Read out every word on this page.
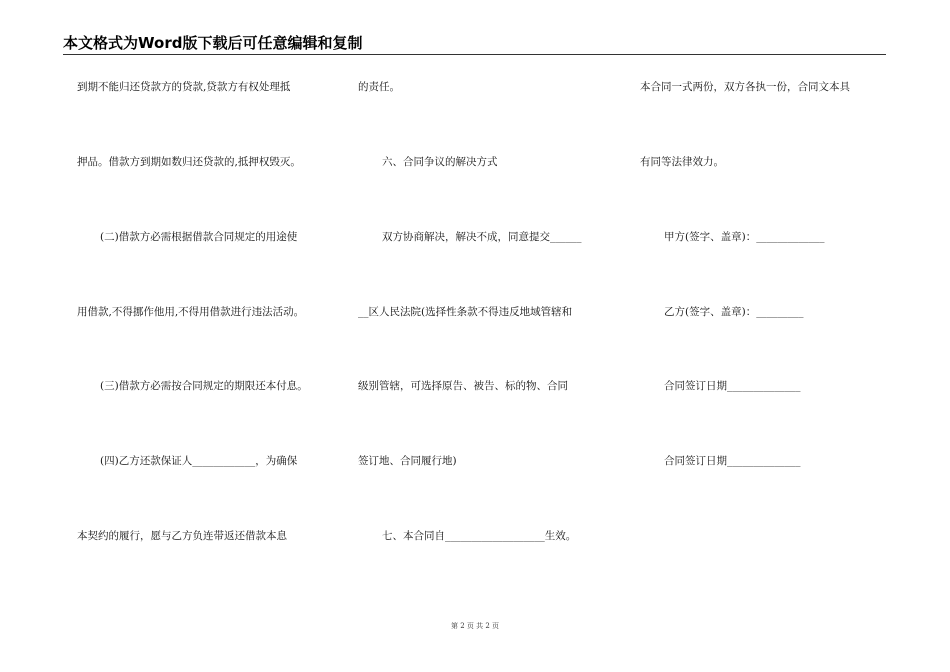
本文格式为Word版下载后可任意编辑和复制
到期不能归还贷款方的贷款,贷款方有权处理抵
押品。借款方到期如数归还贷款的,抵押权毁灭。
(二)借款方必需根据借款合同规定的用途使
用借款,不得挪作他用,不得用借款进行违法活动。
(三)借款方必需按合同规定的期限还本付息。
(四)乙方还款保证人____________，为确保
本契约的履行，愿与乙方负连带返还借款本息
的责任。
六、合同争议的解决方式
双方协商解决，解决不成，同意提交______
__区人民法院(选择性条款不得违反地域管辖和
级别管辖，可选择原告、被告、标的物、合同
签订地、合同履行地)
七、本合同自___________________生效。
本合同一式两份，双方各执一份，合同文本具
有同等法律效力。
甲方(签字、盖章)：_____________
乙方(签字、盖章)：_________
合同签订日期______________
合同签订日期______________
第 2 页 共 2 页
